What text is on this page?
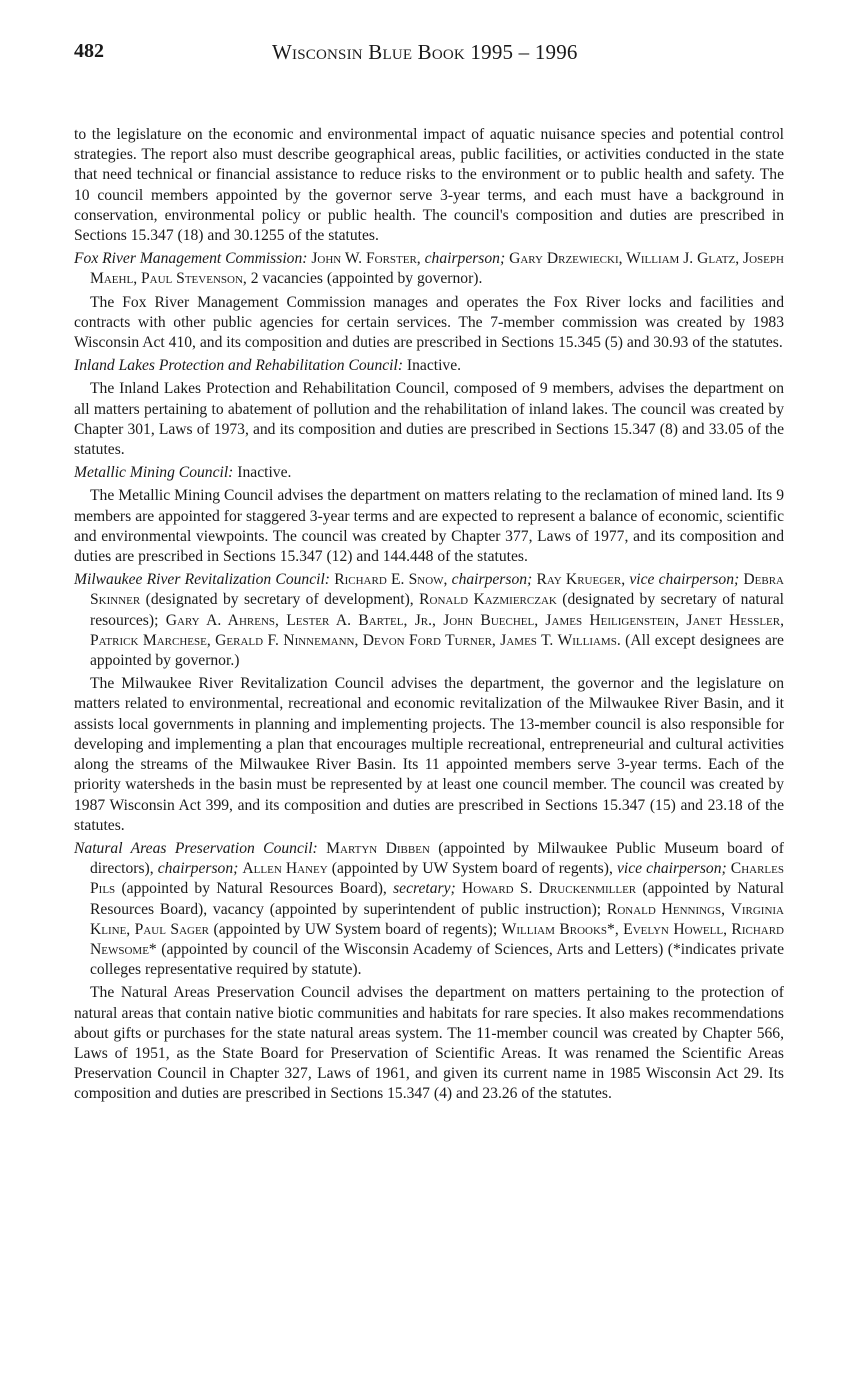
482	Wisconsin Blue Book 1995 – 1996

to the legislature on the economic and environmental impact of aquatic nuisance species and potential control strategies. The report also must describe geographical areas, public facilities, or activities conducted in the state that need technical or financial assistance to reduce risks to the environment or to public health and safety. The 10 council members appointed by the governor serve 3-year terms, and each must have a background in conservation, environmental policy or public health. The council's composition and duties are prescribed in Sections 15.347 (18) and 30.1255 of the statutes.

Fox River Management Commission: John W. Forster, chairperson; Gary Drzewiecki, William J. Glatz, Joseph Maehl, Paul Stevenson, 2 vacancies (appointed by governor).

The Fox River Management Commission manages and operates the Fox River locks and facilities and contracts with other public agencies for certain services. The 7-member commission was created by 1983 Wisconsin Act 410, and its composition and duties are prescribed in Sections 15.345 (5) and 30.93 of the statutes.

Inland Lakes Protection and Rehabilitation Council: Inactive.

The Inland Lakes Protection and Rehabilitation Council, composed of 9 members, advises the department on all matters pertaining to abatement of pollution and the rehabilitation of inland lakes. The council was created by Chapter 301, Laws of 1973, and its composition and duties are prescribed in Sections 15.347 (8) and 33.05 of the statutes.

Metallic Mining Council: Inactive.

The Metallic Mining Council advises the department on matters relating to the reclamation of mined land. Its 9 members are appointed for staggered 3-year terms and are expected to represent a balance of economic, scientific and environmental viewpoints. The council was created by Chapter 377, Laws of 1977, and its composition and duties are prescribed in Sections 15.347 (12) and 144.448 of the statutes.

Milwaukee River Revitalization Council: Richard E. Snow, chairperson; Ray Krueger, vice chairperson; Debra Skinner (designated by secretary of development), Ronald Kazmierczak (designated by secretary of natural resources); Gary A. Ahrens, Lester A. Bartel, Jr., John Buechel, James Heiligenstein, Janet Hessler, Patrick Marchese, Gerald F. Ninnemann, Devon Ford Turner, James T. Williams. (All except designees are appointed by governor.)

The Milwaukee River Revitalization Council advises the department, the governor and the legislature on matters related to environmental, recreational and economic revitalization of the Milwaukee River Basin, and it assists local governments in planning and implementing projects. The 13-member council is also responsible for developing and implementing a plan that encourages multiple recreational, entrepreneurial and cultural activities along the streams of the Milwaukee River Basin. Its 11 appointed members serve 3-year terms. Each of the priority watersheds in the basin must be represented by at least one council member. The council was created by 1987 Wisconsin Act 399, and its composition and duties are prescribed in Sections 15.347 (15) and 23.18 of the statutes.

Natural Areas Preservation Council: Martyn Dibben (appointed by Milwaukee Public Museum board of directors), chairperson; Allen Haney (appointed by UW System board of regents), vice chairperson; Charles Pils (appointed by Natural Resources Board), secretary; Howard S. Druckenmiller (appointed by Natural Resources Board), vacancy (appointed by superintendent of public instruction); Ronald Hennings, Virginia Kline, Paul Sager (appointed by UW System board of regents); William Brooks*, Evelyn Howell, Richard Newsome* (appointed by council of the Wisconsin Academy of Sciences, Arts and Letters) (*indicates private colleges representative required by statute).

The Natural Areas Preservation Council advises the department on matters pertaining to the protection of natural areas that contain native biotic communities and habitats for rare species. It also makes recommendations about gifts or purchases for the state natural areas system. The 11-member council was created by Chapter 566, Laws of 1951, as the State Board for Preservation of Scientific Areas. It was renamed the Scientific Areas Preservation Council in Chapter 327, Laws of 1961, and given its current name in 1985 Wisconsin Act 29. Its composition and duties are prescribed in Sections 15.347 (4) and 23.26 of the statutes.
